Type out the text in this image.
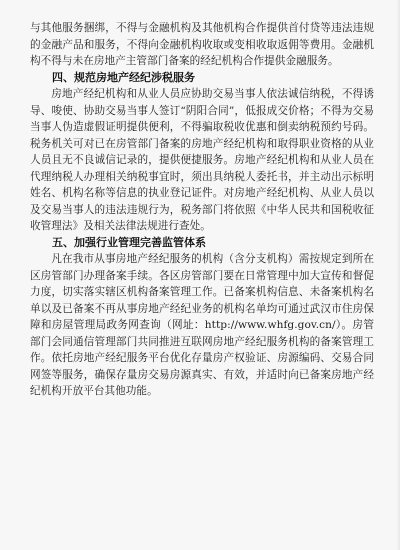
与其他服务捆绑，不得与金融机构及其他机构合作提供首付贷等违法违规的金融产品和服务，不得向金融机构收取或变相收取返佣等费用。金融机构不得与未在房地产主管部门备案的经纪机构合作提供金融服务。

四、规范房地产经纪涉税服务

房地产经纪机构和从业人员应协助交易当事人依法诚信纳税，不得诱导、唆使、协助交易当事人签订“阴阳合同”，低报成交价格；不得为交易当事人伪造虚假证明提供便利，不得骗取税收优惠和倒卖纳税预约号码。税务机关可对已在房管部门备案的房地产经纪机构和取得职业资格的从业人员且无不良诚信记录的，提供便捷服务。房地产经纪机构和从业人员在代理纳税人办理相关纳税事宜时，须出具纳税人委托书，并主动出示标明姓名、机构名称等信息的执业登记证件。对房地产经纪机构、从业人员以及交易当事人的违法违规行为，税务部门将依照《中华人民共和国税收征收管理法》及相关法律法规进行查处。

五、加强行业管理完善监管体系

凡在我市从事房地产经纪服务的机构（含分支机构）需按规定到所在区房管部门办理备案手续。各区房管部门要在日常管理中加大宣传和督促力度，切实落实辖区机构备案管理工作。已备案机构信息、未备案机构名单以及已备案不再从事房地产经纪业务的机构名单均可通过武汉市住房保障和房屋管理局政务网查询（网址：http://www.whfg.gov.cn/）。房管部门会同通信管理部门共同推进互联网房地产经纪服务机构的备案管理工作。依托房地产经纪服务平台优化存量房产权验证、房源编码、交易合同网签等服务，确保存量房交易房源真实、有效，并适时向已备案房地产经纪机构开放平台其他功能。
